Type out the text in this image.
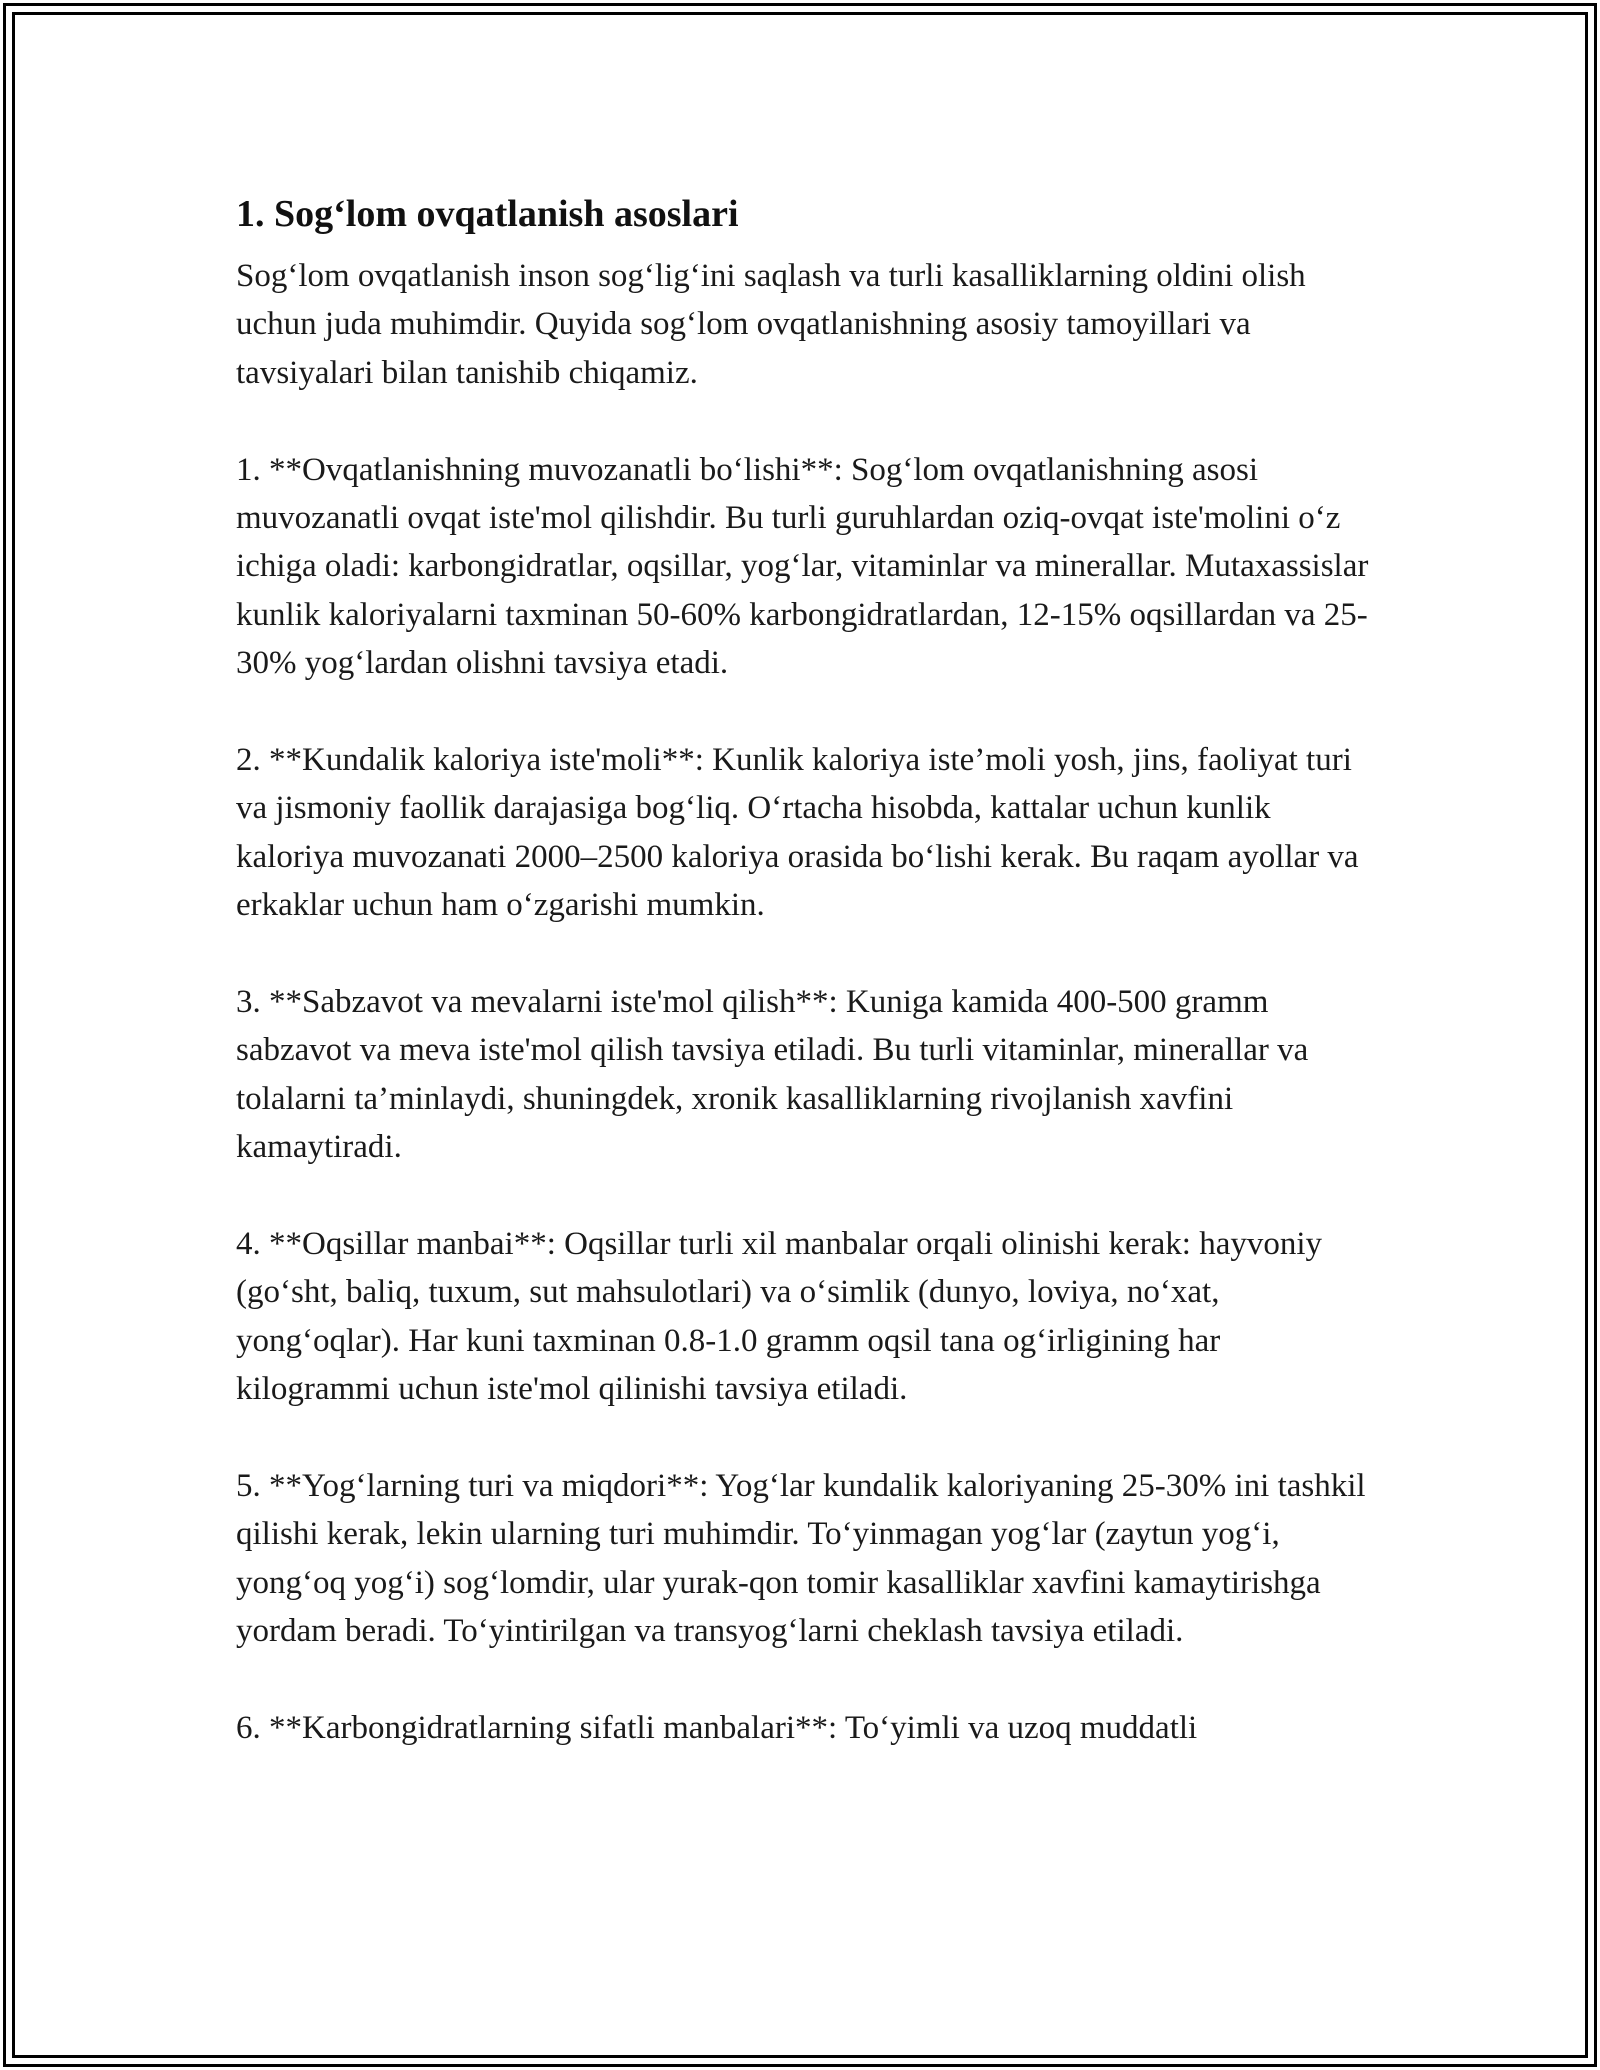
1. Sog‘lom ovqatlanish asoslari

Sog‘lom ovqatlanish inson sog‘lig‘ini saqlash va turli kasalliklarning oldini olish uchun juda muhimdir. Quyida sog‘lom ovqatlanishning asosiy tamoyillari va tavsiyalari bilan tanishib chiqamiz.

1. **Ovqatlanishning muvozanatli bo‘lishi**: Sog‘lom ovqatlanishning asosi muvozanatli ovqat iste'mol qilishdir. Bu turli guruhlardan oziq-ovqat iste'molini o‘z ichiga oladi: karbongidratlar, oqsillar, yog‘lar, vitaminlar va minerallar. Mutaxassislar kunlik kaloriyalarni taxminan 50-60% karbongidratlardan, 12-15% oqsillardan va 25-30% yog‘lardan olishni tavsiya etadi.

2. **Kundalik kaloriya iste'moli**: Kunlik kaloriya iste’moli yosh, jins, faoliyat turi va jismoniy faollik darajasiga bog‘liq. O‘rtacha hisobda, kattalar uchun kunlik kaloriya muvozanati 2000–2500 kaloriya orasida bo‘lishi kerak. Bu raqam ayollar va erkaklar uchun ham o‘zgarishi mumkin.

3. **Sabzavot va mevalarni iste'mol qilish**: Kuniga kamida 400-500 gramm sabzavot va meva iste'mol qilish tavsiya etiladi. Bu turli vitaminlar, minerallar va tolalarni ta’minlaydi, shuningdek, xronik kasalliklarning rivojlanish xavfini kamaytiradi.

4. **Oqsillar manbai**: Oqsillar turli xil manbalar orqali olinishi kerak: hayvoniy (go‘sht, baliq, tuxum, sut mahsulotlari) va o‘simlik (dunyo, loviya, no‘xat, yong‘oqlar). Har kuni taxminan 0.8-1.0 gramm oqsil tana og‘irligining har kilogrammi uchun iste'mol qilinishi tavsiya etiladi.

5. **Yog‘larning turi va miqdori**: Yog‘lar kundalik kaloriyaning 25-30% ini tashkil qilishi kerak, lekin ularning turi muhimdir. To‘yinmagan yog‘lar (zaytun yog‘i, yong‘oq yog‘i) sog‘lomdir, ular yurak-qon tomir kasalliklar xavfini kamaytirishga yordam beradi. To‘yintirilgan va transyog‘larni cheklash tavsiya etiladi.

6. **Karbongidratlarning sifatli manbalari**: To‘yimli va uzoq muddatli
